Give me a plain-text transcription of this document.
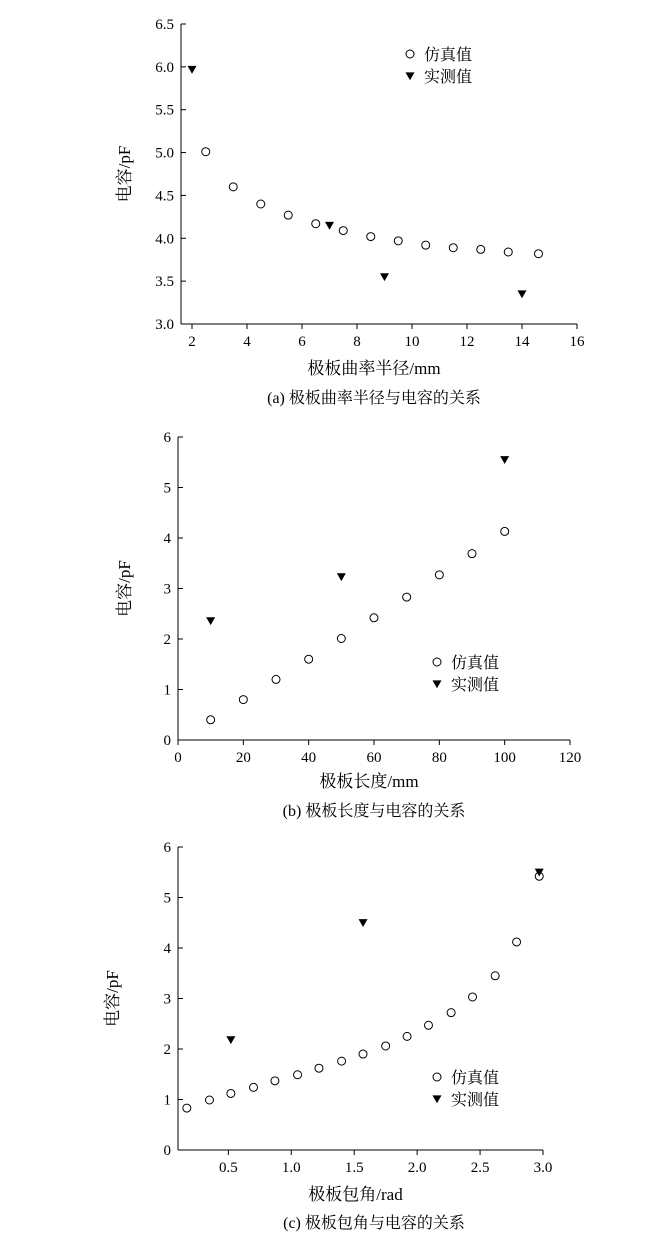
3.0
3.5
4.0
4.5
5.0
5.5
6.0
6.5
2	4	6	8	10	12	14	16
仿真值
实测值
极板曲率半径/mm
电容/pF
(a) 极板曲率半径与电容的关系
0
1
2
3
4
5
6
0	20	40	60	80	100	120
仿真值
实测值
极板长度/mm
电容/pF
(b) 极板长度与电容的关系
0
1
2
3
4
5
6
0.5	1.0	1.5	2.0	2.5	3.0
仿真值
实测值
极板包角/rad
电容/pF
(c) 极板包角与电容的关系
